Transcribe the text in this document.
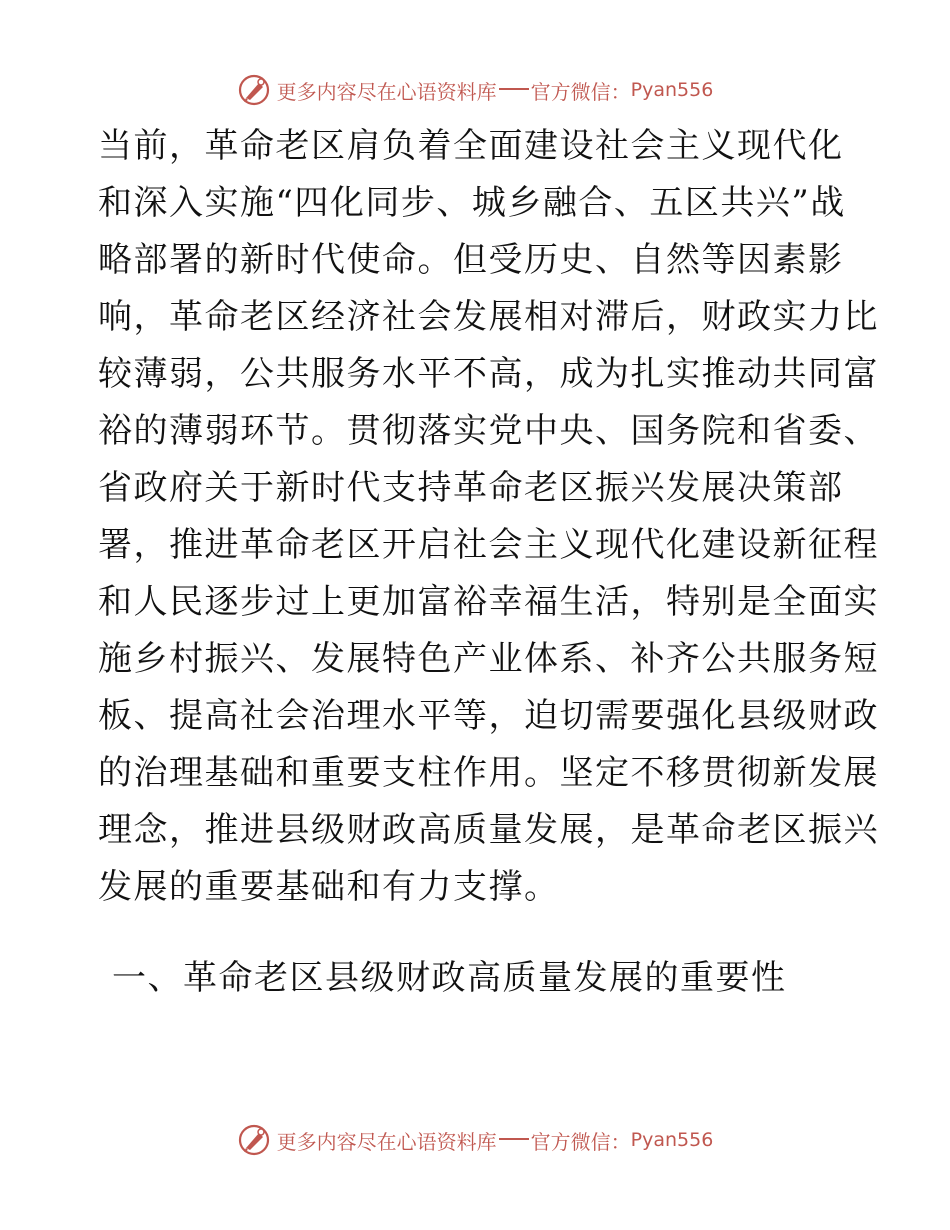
更多内容尽在心语资料库 官方微信： Pyan556
当前，革命老区肩负着全面建设社会主义现代化
和深入实施“四化同步、城乡融合、五区共兴”战
略部署的新时代使命。但受历史、自然等因素影
响，革命老区经济社会发展相对滞后，财政实力比
较薄弱，公共服务水平不高，成为扎实推动共同富
裕的薄弱环节。贯彻落实党中央、国务院和省委、
省政府关于新时代支持革命老区振兴发展决策部
署，推进革命老区开启社会主义现代化建设新征程
和人民逐步过上更加富裕幸福生活，特别是全面实
施乡村振兴、发展特色产业体系、补齐公共服务短
板、提高社会治理水平等，迫切需要强化县级财政
的治理基础和重要支柱作用。坚定不移贯彻新发展
理念，推进县级财政高质量发展，是革命老区振兴
发展的重要基础和有力支撑。
一、革命老区县级财政高质量发展的重要性
更多内容尽在心语资料库 官方微信： Pyan556
